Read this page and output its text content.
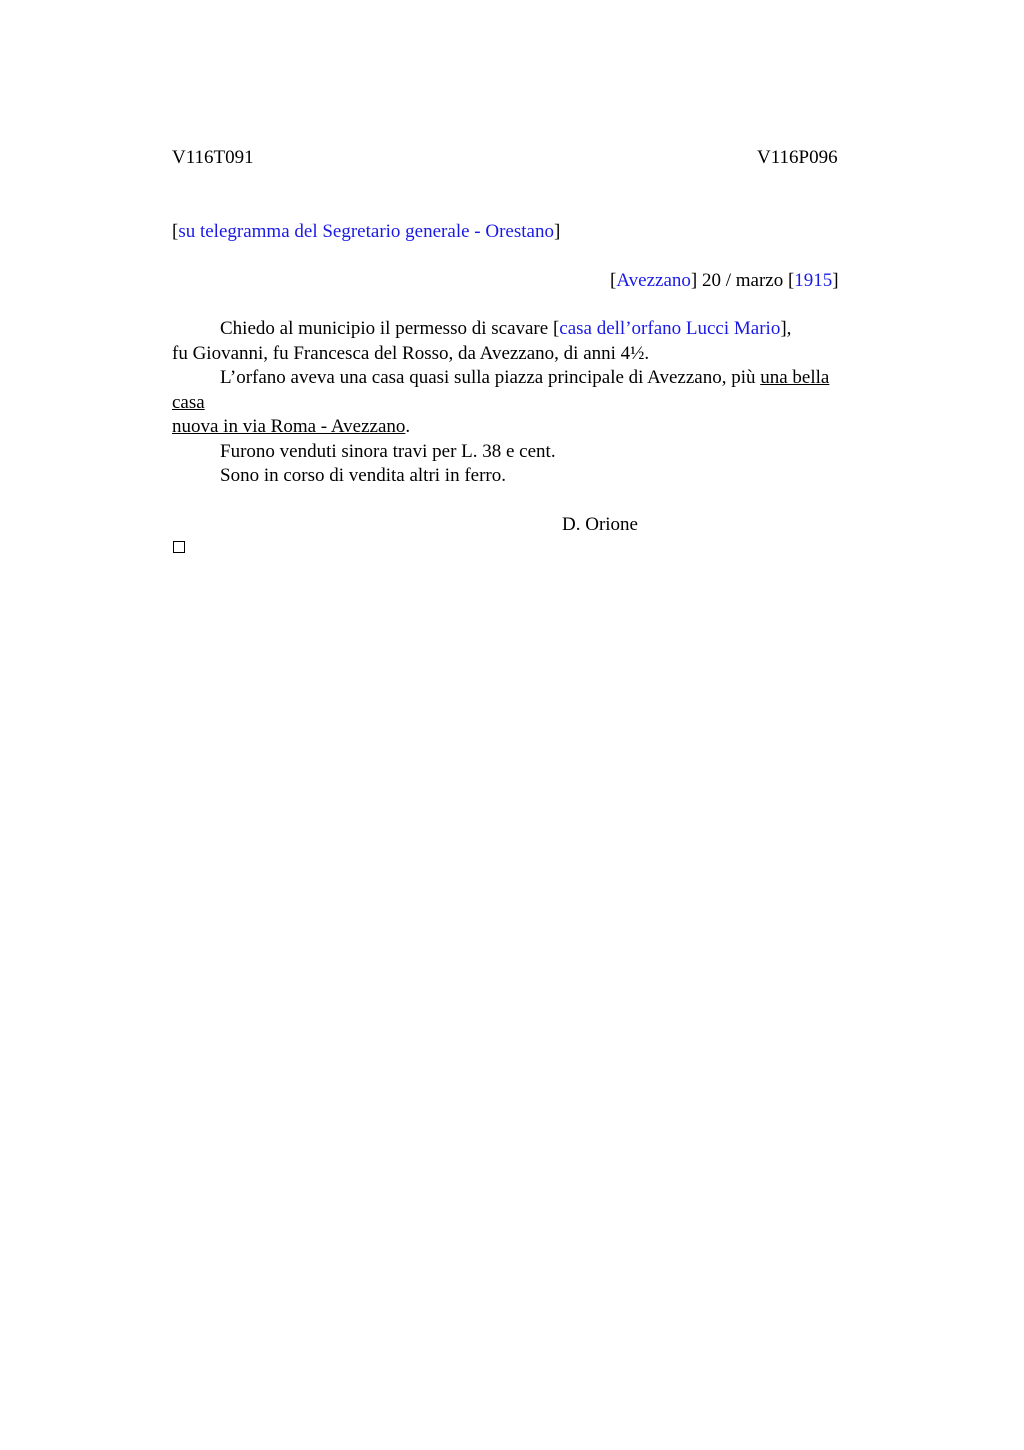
V116T091	V116P096
[su telegramma del Segretario generale - Orestano]
[Avezzano] 20 / marzo [1915]
Chiedo al municipio il permesso di scavare [casa dell’orfano Lucci Mario],
fu Giovanni, fu Francesca del Rosso, da Avezzano, di anni 4½.
L’orfano aveva una casa quasi sulla piazza principale di Avezzano, più una bella
casa
nuova in via Roma - Avezzano.
Furono venduti sinora travi per L. 38 e cent.
Sono in corso di vendita altri in ferro.
D. Orione
